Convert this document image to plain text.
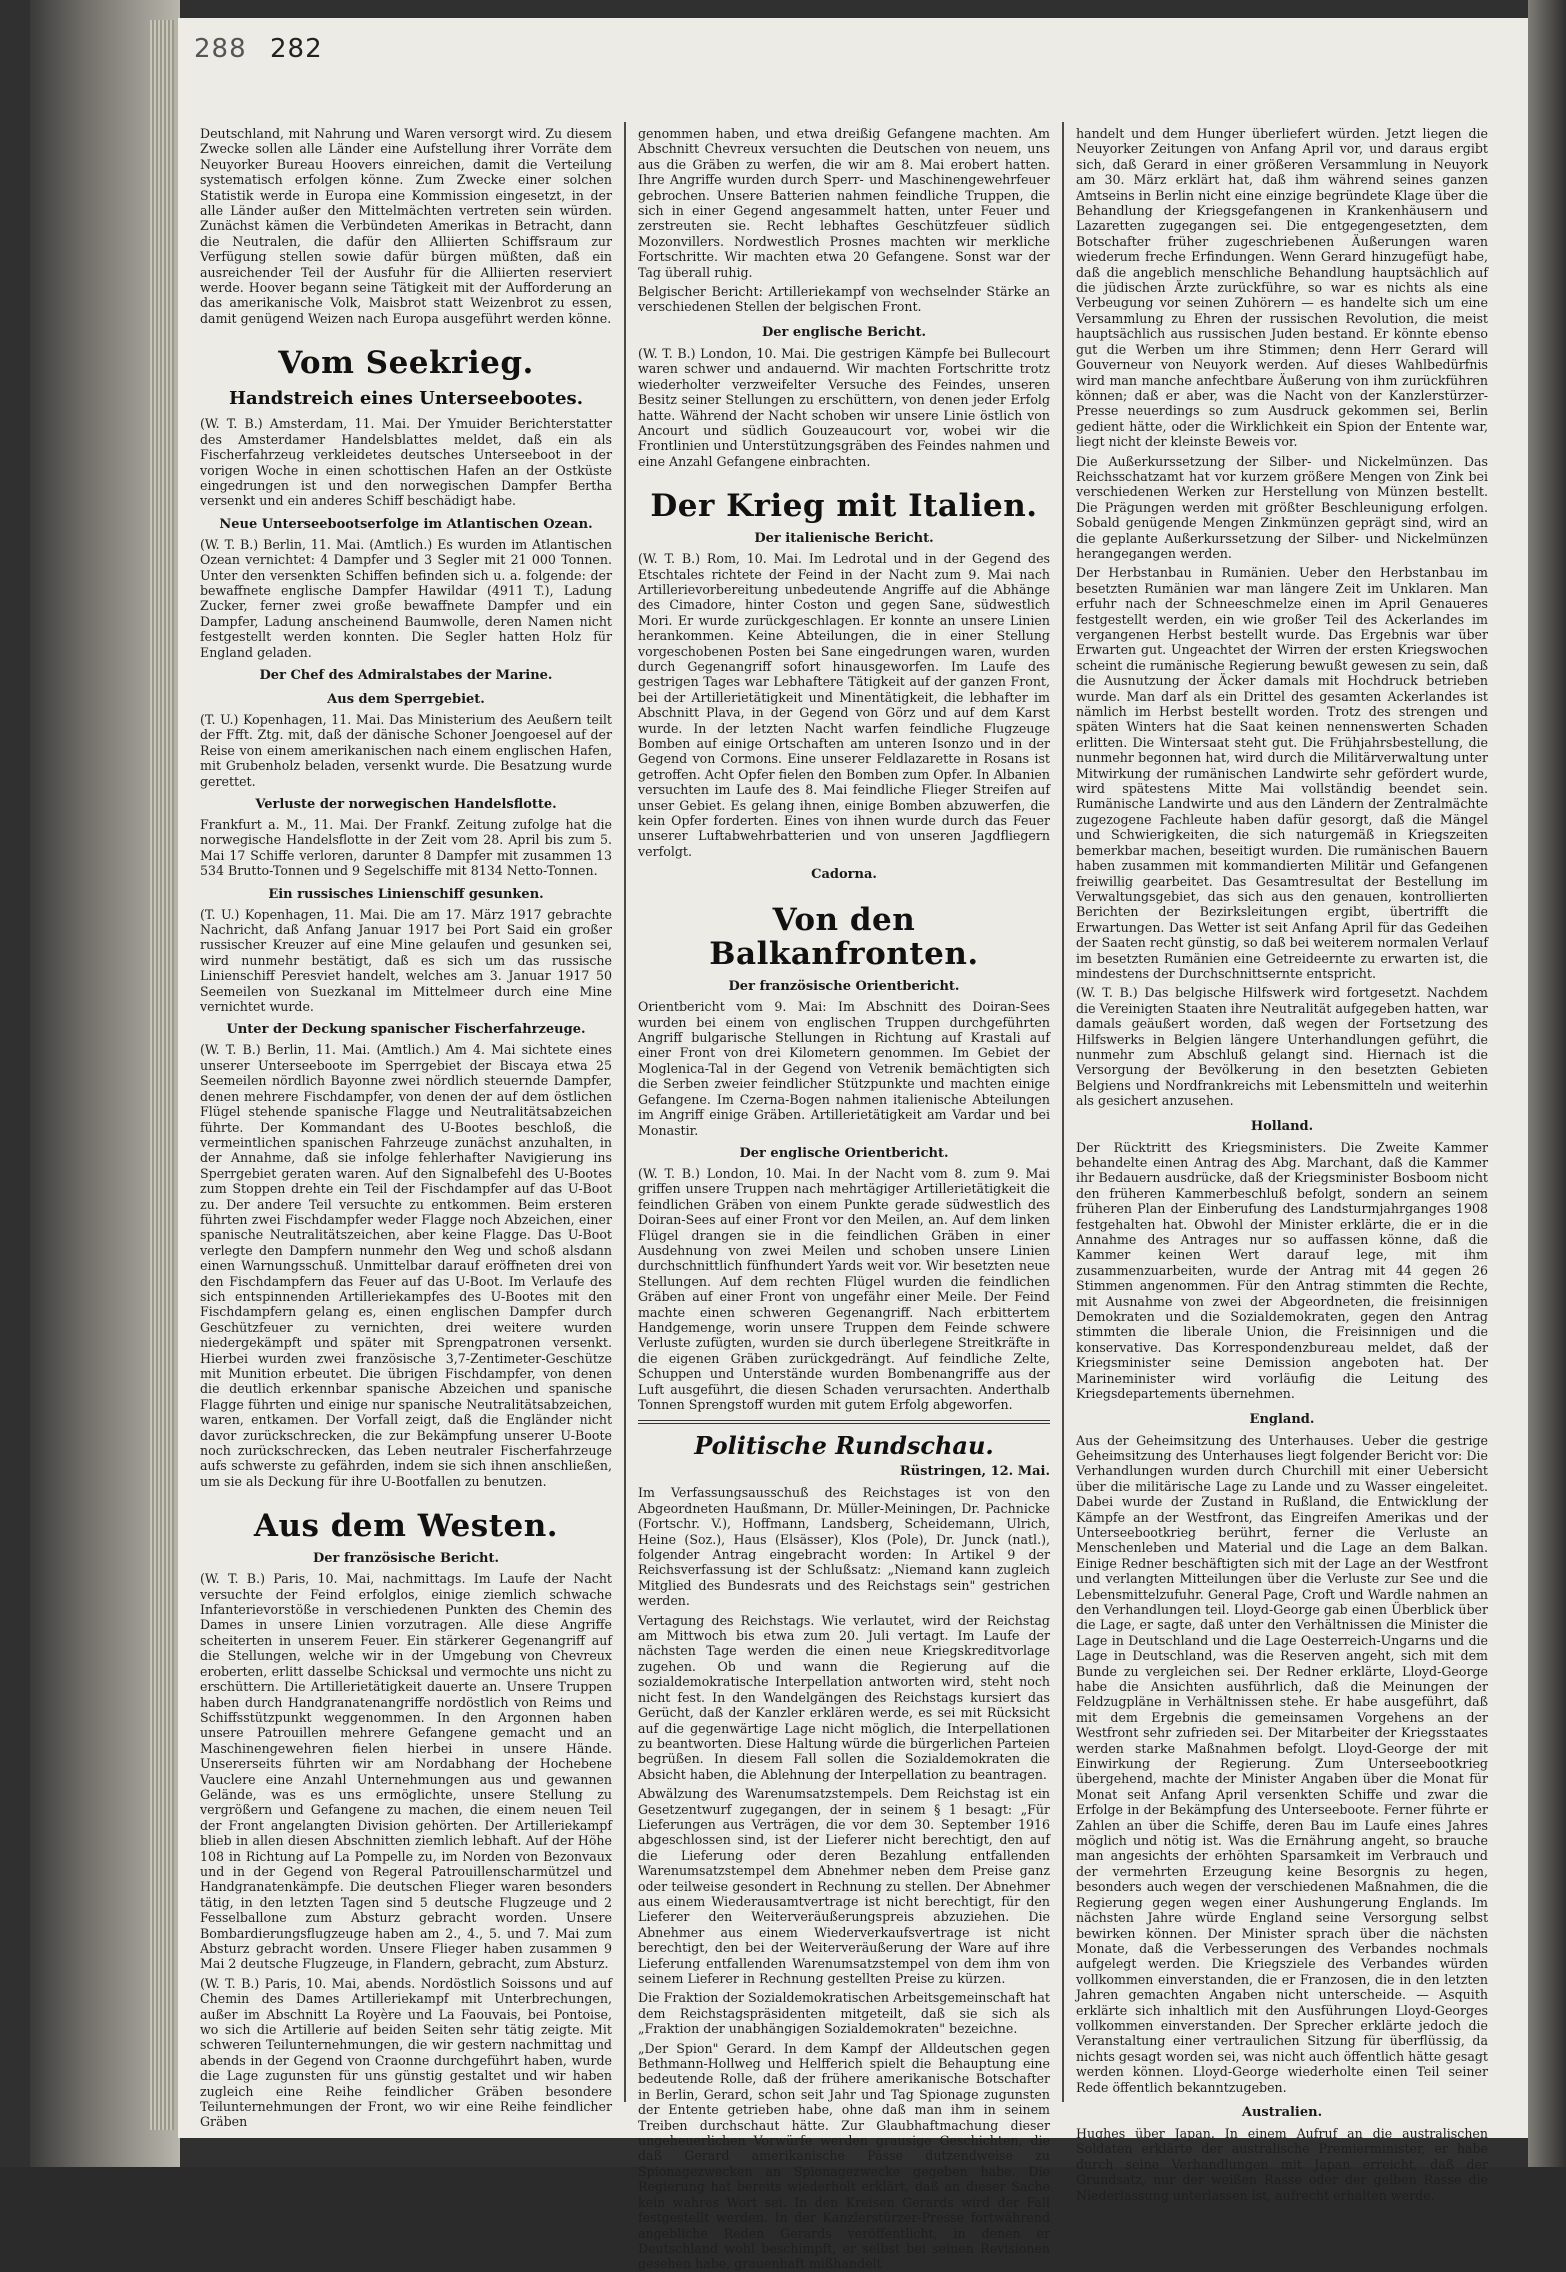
288 282

Deutschland, mit Nahrung und Waren versorgt wird. Zu diesem Zwecke sollen alle Länder eine Aufstellung ihrer Vorräte dem Neuyorker Bureau Hoovers einreichen, damit die Verteilung systematisch erfolgen könne. Zum Zwecke einer solchen Statistik werde in Europa eine Kommission eingesetzt, in der alle Länder außer den Mittelmächten vertreten sein würden. Zunächst kämen die Verbündeten Amerikas in Betracht, dann die Neutralen, die dafür den Alliierten Schiffsraum zur Verfügung stellen sowie dafür bürgen müßten, daß ein ausreichender Teil der Ausfuhr für die Alliierten reserviert werde. Hoover begann seine Tätigkeit mit der Aufforderung an das amerikanische Volk, Maisbrot statt Weizenbrot zu essen, damit genügend Weizen nach Europa ausgeführt werden könne.

Vom Seekrieg.
Handstreich eines Unterseebootes.

(W. T. B.) Amsterdam, 11. Mai. Der Ymuider Berichterstatter des Amsterdamer Handelsblattes meldet, daß ein als Fischerfahrzeug verkleidetes deutsches Unterseeboot in der vorigen Woche in einen schottischen Hafen an der Ostküste eingedrungen ist und den norwegischen Dampfer Bertha versenkt und ein anderes Schiff beschädigt habe.

Neue Unterseebootserfolge im Atlantischen Ozean.

(W. T. B.) Berlin, 11. Mai. (Amtlich.) Es wurden im Atlantischen Ozean vernichtet: 4 Dampfer und 3 Segler mit 21 000 Tonnen. Unter den versenkten Schiffen befinden sich u. a. folgende: der bewaffnete englische Dampfer Hawildar (4911 T.), Ladung Zucker, ferner zwei große bewaffnete Dampfer und ein Dampfer, Ladung anscheinend Baumwolle, deren Namen nicht festgestellt werden konnten. Die Segler hatten Holz für England geladen.

Der Chef des Admiralstabes der Marine.
Aus dem Sperrgebiet.

(T. U.) Kopenhagen, 11. Mai. Das Ministerium des Aeußern teilt der Ffft. Ztg. mit, daß der dänische Schoner Joengoesel auf der Reise von einem amerikanischen nach einem englischen Hafen, mit Grubenholz beladen, versenkt wurde. Die Besatzung wurde gerettet.

Verluste der norwegischen Handelsflotte.

Frankfurt a. M., 11. Mai. Der Frankf. Zeitung zufolge hat die norwegische Handelsflotte in der Zeit vom 28. April bis zum 5. Mai 17 Schiffe verloren, darunter 8 Dampfer mit zusammen 13 534 Brutto-Tonnen und 9 Segelschiffe mit 8134 Netto-Tonnen.

Ein russisches Linienschiff gesunken.

(T. U.) Kopenhagen, 11. Mai. Die am 17. März 1917 gebrachte Nachricht, daß Anfang Januar 1917 bei Port Said ein großer russischer Kreuzer auf eine Mine gelaufen und gesunken sei, wird nunmehr bestätigt, daß es sich um das russische Linienschiff Peresviet handelt, welches am 3. Januar 1917 50 Seemeilen von Suezkanal im Mittelmeer durch eine Mine vernichtet wurde.

Unter der Deckung spanischer Fischerfahrzeuge.

(W. T. B.) Berlin, 11. Mai. (Amtlich.) Am 4. Mai sichtete eines unserer Unterseeboote im Sperrgebiet der Biscaya etwa 25 Seemeilen nördlich Bayonne zwei nördlich steuernde Dampfer, denen mehrere Fischdampfer, von denen der auf dem östlichen Flügel stehende spanische Flagge und Neutralitätsabzeichen führte. Der Kommandant des U-Bootes beschloß, die vermeintlichen spanischen Fahrzeuge zunächst anzuhalten, in der Annahme, daß sie infolge fehlerhafter Navigierung ins Sperrgebiet geraten waren. Auf den Signalbefehl des U-Bootes zum Stoppen drehte ein Teil der Fischdampfer auf das U-Boot zu. Der andere Teil versuchte zu entkommen. Beim ersteren führten zwei Fischdampfer weder Flagge noch Abzeichen, einer spanische Neutralitätszeichen, aber keine Flagge. Das U-Boot verlegte den Dampfern nunmehr den Weg und schoß alsdann einen Warnungsschuß. Unmittelbar darauf eröffneten drei von den Fischdampfern das Feuer auf das U-Boot. Im Verlaufe des sich entspinnenden Artilleriekampfes des U-Bootes mit den Fischdampfern gelang es, einen englischen Dampfer durch Geschützfeuer zu vernichten, drei weitere wurden niedergekämpft und später mit Sprengpatronen versenkt. Hierbei wurden zwei französische 3,7-Zentimeter-Geschütze mit Munition erbeutet. Die übrigen Fischdampfer, von denen die deutlich erkennbar spanische Abzeichen und spanische Flagge führten und einige nur spanische Neutralitätsabzeichen, waren, entkamen. Der Vorfall zeigt, daß die Engländer nicht davor zurückschrecken, die zur Bekämpfung unserer U-Boote noch zurückschrecken, das Leben neutraler Fischerfahrzeuge aufs schwerste zu gefährden, indem sie sich ihnen anschließen, um sie als Deckung für ihre U-Bootfallen zu benutzen.

Aus dem Westen.
Der französische Bericht.

(W. T. B.) Paris, 10. Mai, nachmittags. Im Laufe der Nacht versuchte der Feind erfolglos, einige ziemlich schwache Infanterievorstöße in verschiedenen Punkten des Chemin des Dames in unsere Linien vorzutragen. Alle diese Angriffe scheiterten in unserem Feuer. Ein stärkerer Gegenangriff auf die Stellungen, welche wir in der Umgebung von Chevreux eroberten, erlitt dasselbe Schicksal und vermochte uns nicht zu erschüttern. Die Artillerietätigkeit dauerte an. Unsere Truppen haben durch Handgranatenangriffe nordöstlich von Reims und Schiffsstützpunkt weggenommen. In den Argonnen haben unsere Patrouillen mehrere Gefangene gemacht und an Maschinengewehren fielen hierbei in unsere Hände. Unsererseits führten wir am Nordabhang der Hochebene Vauclere eine Anzahl Unternehmungen aus und gewannen Gelände, was es uns ermöglichte, unsere Stellung zu vergrößern und Gefangene zu machen, die einem neuen Teil der Front angelangten Division gehörten. Der Artilleriekampf blieb in allen diesen Abschnitten ziemlich lebhaft. Auf der Höhe 108 in Richtung auf La Pompelle zu, im Norden von Bezonvaux und in der Gegend von Regeral Patrouillenscharmützel und Handgranatenkämpfe. Die deutschen Flieger waren besonders tätig, in den letzten Tagen sind 5 deutsche Flugzeuge und 2 Fesselballone zum Absturz gebracht worden. Unsere Bombardierungsflugzeuge haben am 2., 4., 5. und 7. Mai zum Absturz gebracht worden. Unsere Flieger haben zusammen 9 Mai 2 deutsche Flugzeuge, in Flandern, gebracht, zum Absturz.

(W. T. B.) Paris, 10. Mai, abends. Nordöstlich Soissons und auf Chemin des Dames Artilleriekampf mit Unterbrechungen, außer im Abschnitt La Royère und La Faouvais, bei Pontoise, wo sich die Artillerie auf beiden Seiten sehr tätig zeigte. Mit schweren Teilunternehmungen, die wir gestern nachmittag und abends in der Gegend von Craonne durchgeführt haben, wurde die Lage zugunsten für uns günstig gestaltet und wir haben zugleich eine Reihe feindlicher Gräben besondere Teilunternehmungen der Front, wo wir eine Reihe feindlicher Gräben

genommen haben, und etwa dreißig Gefangene machten. Am Abschnitt Chevreux versuchten die Deutschen von neuem, uns aus die Gräben zu werfen, die wir am 8. Mai erobert hatten. Ihre Angriffe wurden durch Sperr- und Maschinengewehrfeuer gebrochen. Unsere Batterien nahmen feindliche Truppen, die sich in einer Gegend angesammelt hatten, unter Feuer und zerstreuten sie. Recht lebhaftes Geschützfeuer südlich Mozonvillers. Nordwestlich Prosnes machten wir merkliche Fortschritte. Wir machten etwa 20 Gefangene. Sonst war der Tag überall ruhig.

Belgischer Bericht: Artilleriekampf von wechselnder Stärke an verschiedenen Stellen der belgischen Front.

Der englische Bericht.

(W. T. B.) London, 10. Mai. Die gestrigen Kämpfe bei Bullecourt waren schwer und andauernd. Wir machten Fortschritte trotz wiederholter verzweifelter Versuche des Feindes, unseren Besitz seiner Stellungen zu erschüttern, von denen jeder Erfolg hatte. Während der Nacht schoben wir unsere Linie östlich von Ancourt und südlich Gouzeaucourt vor, wobei wir die Frontlinien und Unterstützungsgräben des Feindes nahmen und eine Anzahl Gefangene einbrachten.

Der Krieg mit Italien.
Der italienische Bericht.

(W. T. B.) Rom, 10. Mai. Im Ledrotal und in der Gegend des Etschtales richtete der Feind in der Nacht zum 9. Mai nach Artillerievorbereitung unbedeutende Angriffe auf die Abhänge des Cimadore, hinter Coston und gegen Sane, südwestlich Mori. Er wurde zurückgeschlagen. Er konnte an unsere Linien herankommen. Keine Abteilungen, die in einer Stellung vorgeschobenen Posten bei Sane eingedrungen waren, wurden durch Gegenangriff sofort hinausgeworfen. Im Laufe des gestrigen Tages war Lebhaftere Tätigkeit auf der ganzen Front, bei der Artillerietätigkeit und Minentätigkeit, die lebhafter im Abschnitt Plava, in der Gegend von Görz und auf dem Karst wurde. In der letzten Nacht warfen feindliche Flugzeuge Bomben auf einige Ortschaften am unteren Isonzo und in der Gegend von Cormons. Eine unserer Feldlazarette in Rosans ist getroffen. Acht Opfer fielen den Bomben zum Opfer. In Albanien versuchten im Laufe des 8. Mai feindliche Flieger Streifen auf unser Gebiet. Es gelang ihnen, einige Bomben abzuwerfen, die kein Opfer forderten. Eines von ihnen wurde durch das Feuer unserer Luftabwehrbatterien und von unseren Jagdfliegern verfolgt.

Cadorna.
Von den Balkanfronten.
Der französische Orientbericht.

Orientbericht vom 9. Mai: Im Abschnitt des Doiran-Sees wurden bei einem von englischen Truppen durchgeführten Angriff bulgarische Stellungen in Richtung auf Krastali auf einer Front von drei Kilometern genommen. Im Gebiet der Moglenica-Tal in der Gegend von Vetrenik bemächtigten sich die Serben zweier feindlicher Stützpunkte und machten einige Gefangene. Im Czerna-Bogen nahmen italienische Abteilungen im Angriff einige Gräben. Artillerietätigkeit am Vardar und bei Monastir.

Der englische Orientbericht.

(W. T. B.) London, 10. Mai. In der Nacht vom 8. zum 9. Mai griffen unsere Truppen nach mehrtägiger Artillerietätigkeit die feindlichen Gräben von einem Punkte gerade südwestlich des Doiran-Sees auf einer Front vor den Meilen, an. Auf dem linken Flügel drangen sie in die feindlichen Gräben in einer Ausdehnung von zwei Meilen und schoben unsere Linien durchschnittlich fünfhundert Yards weit vor. Wir besetzten neue Stellungen. Auf dem rechten Flügel wurden die feindlichen Gräben auf einer Front von ungefähr einer Meile. Der Feind machte einen schweren Gegenangriff. Nach erbittertem Handgemenge, worin unsere Truppen dem Feinde schwere Verluste zufügten, wurden sie durch überlegene Streitkräfte in die eigenen Gräben zurückgedrängt. Auf feindliche Zelte, Schuppen und Unterstände wurden Bombenangriffe aus der Luft ausgeführt, die diesen Schaden verursachten. Anderthalb Tonnen Sprengstoff wurden mit gutem Erfolg abgeworfen.

Politische Rundschau.
Rüstringen, 12. Mai.

Im Verfassungsausschuß des Reichstages ist von den Abgeordneten Haußmann, Dr. Müller-Meiningen, Dr. Pachnicke (Fortschr. V.), Hoffmann, Landsberg, Scheidemann, Ulrich, Heine (Soz.), Haus (Elsässer), Klos (Pole), Dr. Junck (natl.), folgender Antrag eingebracht worden: In Artikel 9 der Reichsverfassung ist der Schlußsatz: „Niemand kann zugleich Mitglied des Bundesrats und des Reichstags sein" gestrichen werden.

Vertagung des Reichstags. Wie verlautet, wird der Reichstag am Mittwoch bis etwa zum 20. Juli vertagt. Im Laufe der nächsten Tage werden die einen neue Kriegskreditvorlage zugehen. Ob und wann die Regierung auf die sozialdemokratische Interpellation antworten wird, steht noch nicht fest. In den Wandelgängen des Reichstags kursiert das Gerücht, daß der Kanzler erklären werde, es sei mit Rücksicht auf die gegenwärtige Lage nicht möglich, die Interpellationen zu beantworten. Diese Haltung würde die bürgerlichen Parteien begrüßen. In diesem Fall sollen die Sozialdemokraten die Absicht haben, die Ablehnung der Interpellation zu beantragen.

Abwälzung des Warenumsatzstempels. Dem Reichstag ist ein Gesetzentwurf zugegangen, der in seinem § 1 besagt: „Für Lieferungen aus Verträgen, die vor dem 30. September 1916 abgeschlossen sind, ist der Lieferer nicht berechtigt, den auf die Lieferung oder deren Bezahlung entfallenden Warenumsatzstempel dem Abnehmer neben dem Preise ganz oder teilweise gesondert in Rechnung zu stellen. Der Abnehmer aus einem Wiederausamtvertrage ist nicht berechtigt, für den Lieferer den Weiterveräußerungspreis abzuziehen. Die Abnehmer aus einem Wiederverkaufsvertrage ist nicht berechtigt, den bei der Weiterveräußerung der Ware auf ihre Lieferung entfallenden Warenumsatzstempel von dem ihm von seinem Lieferer in Rechnung gestellten Preise zu kürzen.

Die Fraktion der Sozialdemokratischen Arbeitsgemeinschaft hat dem Reichstagspräsidenten mitgeteilt, daß sie sich als „Fraktion der unabhängigen Sozialdemokraten" bezeichne.

„Der Spion" Gerard. In dem Kampf der Alldeutschen gegen Bethmann-Hollweg und Helfferich spielt die Behauptung eine bedeutende Rolle, daß der frühere amerikanische Botschafter in Berlin, Gerard, schon seit Jahr und Tag Spionage zugunsten der Entente getrieben habe, ohne daß man ihm in seinem Treiben durchschaut hätte. Zur Glaubhaftmachung dieser ungeheuerlichen Vorwürfe werden grausige Geschichten, die daß Gerard amerikanische Pässe dutzendweise zu Spionagezwecken an Spionagezwecke gegeben habe. Die Regierung hat bereits wiederholt erklärt, daß an dieser Sache kein wahres Wort sei. In den Kreisen Gerards wird der Fall festgestellt werden. In der Kanzlerstürzer-Presse fortwährend angebliche Reden Gerards veröffentlicht, in denen er Deutschland wohl beschimpft, er selbst bei seinen Revisionen gesehen habe, grauenhaft mißhandelt

handelt und dem Hunger überliefert würden. Jetzt liegen die Neuyorker Zeitungen von Anfang April vor, und daraus ergibt sich, daß Gerard in einer größeren Versammlung in Neuyork am 30. März erklärt hat, daß ihm während seines ganzen Amtseins in Berlin nicht eine einzige begründete Klage über die Behandlung der Kriegsgefangenen in Krankenhäusern und Lazaretten zugegangen sei. Die entgegengesetzten, dem Botschafter früher zugeschriebenen Äußerungen waren wiederum freche Erfindungen. Wenn Gerard hinzugefügt habe, daß die angeblich menschliche Behandlung hauptsächlich auf die jüdischen Ärzte zurückführe, so war es nichts als eine Verbeugung vor seinen Zuhörern — es handelte sich um eine Versammlung zu Ehren der russischen Revolution, die meist hauptsächlich aus russischen Juden bestand. Er könnte ebenso gut die Werben um ihre Stimmen; denn Herr Gerard will Gouverneur von Neuyork werden. Auf dieses Wahlbedürfnis wird man manche anfechtbare Äußerung von ihm zurückführen können; daß er aber, was die Nacht von der Kanzlerstürzer-Presse neuerdings so zum Ausdruck gekommen sei, Berlin gedient hätte, oder die Wirklichkeit ein Spion der Entente war, liegt nicht der kleinste Beweis vor.

Die Außerkurssetzung der Silber- und Nickelmünzen. Das Reichsschatzamt hat vor kurzem größere Mengen von Zink bei verschiedenen Werken zur Herstellung von Münzen bestellt. Die Prägungen werden mit größter Beschleunigung erfolgen. Sobald genügende Mengen Zinkmünzen geprägt sind, wird an die geplante Außerkurssetzung der Silber- und Nickelmünzen herangegangen werden.

Der Herbstanbau in Rumänien. Ueber den Herbstanbau im besetzten Rumänien war man längere Zeit im Unklaren. Man erfuhr nach der Schneeschmelze einen im April Genaueres festgestellt werden, ein wie großer Teil des Ackerlandes im vergangenen Herbst bestellt wurde. Das Ergebnis war über Erwarten gut. Ungeachtet der Wirren der ersten Kriegswochen scheint die rumänische Regierung bewußt gewesen zu sein, daß die Ausnutzung der Äcker damals mit Hochdruck betrieben wurde. Man darf als ein Drittel des gesamten Ackerlandes ist nämlich im Herbst bestellt worden. Trotz des strengen und späten Winters hat die Saat keinen nennenswerten Schaden erlitten. Die Wintersaat steht gut. Die Frühjahrsbestellung, die nunmehr begonnen hat, wird durch die Militärverwaltung unter Mitwirkung der rumänischen Landwirte sehr gefördert wurde, wird spätestens Mitte Mai vollständig beendet sein. Rumänische Landwirte und aus den Ländern der Zentralmächte zugezogene Fachleute haben dafür gesorgt, daß die Mängel und Schwierigkeiten, die sich naturgemäß in Kriegszeiten bemerkbar machen, beseitigt wurden. Die rumänischen Bauern haben zusammen mit kommandierten Militär und Gefangenen freiwillig gearbeitet. Das Gesamtresultat der Bestellung im Verwaltungsgebiet, das sich aus den genauen, kontrollierten Berichten der Bezirksleitungen ergibt, übertrifft die Erwartungen. Das Wetter ist seit Anfang April für das Gedeihen der Saaten recht günstig, so daß bei weiterem normalen Verlauf im besetzten Rumänien eine Getreideernte zu erwarten ist, die mindestens der Durchschnittsernte entspricht.

(W. T. B.) Das belgische Hilfswerk wird fortgesetzt. Nachdem die Vereinigten Staaten ihre Neutralität aufgegeben hatten, war damals geäußert worden, daß wegen der Fortsetzung des Hilfswerks in Belgien längere Unterhandlungen geführt, die nunmehr zum Abschluß gelangt sind. Hiernach ist die Versorgung der Bevölkerung in den besetzten Gebieten Belgiens und Nordfrankreichs mit Lebensmitteln und weiterhin als gesichert anzusehen.

Holland.

Der Rücktritt des Kriegsministers. Die Zweite Kammer behandelte einen Antrag des Abg. Marchant, daß die Kammer ihr Bedauern ausdrücke, daß der Kriegsminister Bosboom nicht den früheren Kammerbeschluß befolgt, sondern an seinem früheren Plan der Einberufung des Landsturmjahrganges 1908 festgehalten hat. Obwohl der Minister erklärte, die er in die Annahme des Antrages nur so auffassen könne, daß die Kammer keinen Wert darauf lege, mit ihm zusammenzuarbeiten, wurde der Antrag mit 44 gegen 26 Stimmen angenommen. Für den Antrag stimmten die Rechte, mit Ausnahme von zwei der Abgeordneten, die freisinnigen Demokraten und die Sozialdemokraten, gegen den Antrag stimmten die liberale Union, die Freisinnigen und die konservative. Das Korrespondenzbureau meldet, daß der Kriegsminister seine Demission angeboten hat. Der Marineminister wird vorläufig die Leitung des Kriegsdepartements übernehmen.

England.

Aus der Geheimsitzung des Unterhauses. Ueber die gestrige Geheimsitzung des Unterhauses liegt folgender Bericht vor: Die Verhandlungen wurden durch Churchill mit einer Uebersicht über die militärische Lage zu Lande und zu Wasser eingeleitet. Dabei wurde der Zustand in Rußland, die Entwicklung der Kämpfe an der Westfront, das Eingreifen Amerikas und der Unterseebootkrieg berührt, ferner die Verluste an Menschenleben und Material und die Lage an dem Balkan. Einige Redner beschäftigten sich mit der Lage an der Westfront und verlangten Mitteilungen über die Verluste zur See und die Lebensmittelzufuhr. General Page, Croft und Wardle nahmen an den Verhandlungen teil. Lloyd-George gab einen Überblick über die Lage, er sagte, daß unter den Verhältnissen die Minister die Lage in Deutschland und die Lage Oesterreich-Ungarns und die Lage in Deutschland, was die Reserven angeht, sich mit dem Bunde zu vergleichen sei. Der Redner erklärte, Lloyd-George habe die Ansichten ausführlich, daß die Meinungen der Feldzugpläne in Verhältnissen stehe. Er habe ausgeführt, daß mit dem Ergebnis die gemeinsamen Vorgehens an der Westfront sehr zufrieden sei. Der Mitarbeiter der Kriegsstaates werden starke Maßnahmen befolgt. Lloyd-George der mit Einwirkung der Regierung. Zum Unterseebootkrieg übergehend, machte der Minister Angaben über die Monat für Monat seit Anfang April versenkten Schiffe und zwar die Erfolge in der Bekämpfung des Unterseeboote. Ferner führte er Zahlen an über die Schiffe, deren Bau im Laufe eines Jahres möglich und nötig ist. Was die Ernährung angeht, so brauche man angesichts der erhöhten Sparsamkeit im Verbrauch und der vermehrten Erzeugung keine Besorgnis zu hegen, besonders auch wegen der verschiedenen Maßnahmen, die die Regierung gegen wegen einer Aushungerung Englands. Im nächsten Jahre würde England seine Versorgung selbst bewirken können. Der Minister sprach über die nächsten Monate, daß die Verbesserungen des Verbandes nochmals aufgelegt werden. Die Kriegsziele des Verbandes würden vollkommen einverstanden, die er Franzosen, die in den letzten Jahren gemachten Angaben nicht unterscheide. — Asquith erklärte sich inhaltlich mit den Ausführungen Lloyd-Georges vollkommen einverstanden. Der Sprecher erklärte jedoch die Veranstaltung einer vertraulichen Sitzung für überflüssig, da nichts gesagt worden sei, was nicht auch öffentlich hätte gesagt werden können. Lloyd-George wiederholte einen Teil seiner Rede öffentlich bekanntzugeben.

Australien.

Hughes über Japan. In einem Aufruf an die australischen Soldaten erklärte der australische Premierminister, er habe durch seine Verhandlungen mit Japan erreicht, daß der Grundsatz, nur der weißen Rasse oder der gelben Rasse die Niederlassung unterlassen ist, aufrecht erhalten werde.
